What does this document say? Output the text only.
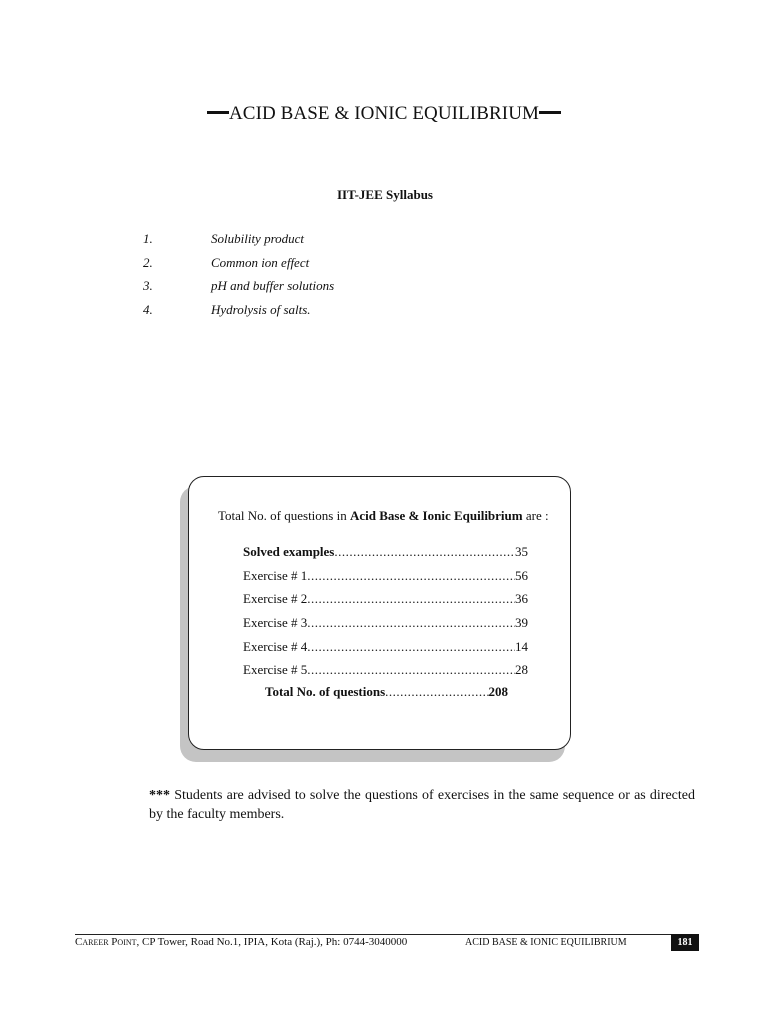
ACID BASE & IONIC EQUILIBRIUM
IIT-JEE Syllabus
1.	Solubility product
2.	Common ion effect
3.	pH and buffer solutions
4.	Hydrolysis of salts.
Total No. of questions in Acid Base & Ionic Equilibrium are :
Solved examples .....	35
Exercise # 1 .....	56
Exercise # 2 .....	36
Exercise # 3 .....	39
Exercise # 4 .....	14
Exercise # 5 .....	28
Total No. of questions .....	208
*** Students are advised to solve the questions of exercises in the same sequence or as directed by the faculty members.
Career Point, CP Tower, Road No.1, IPIA, Kota (Raj.), Ph: 0744-3040000	ACID BASE & IONIC EQUILIBRIUM	181
